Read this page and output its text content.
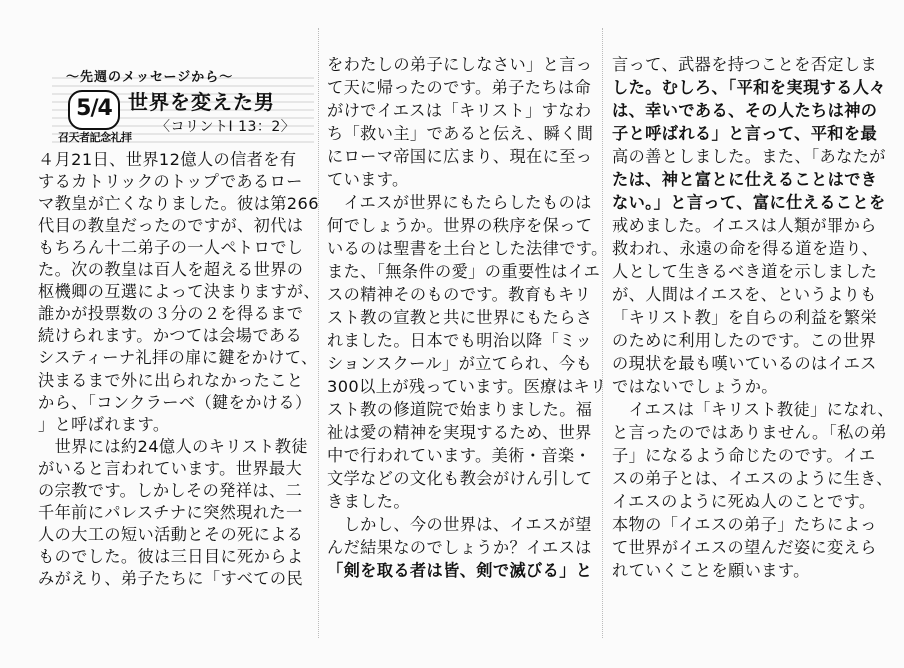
～先週のメッセージから～
5/4
召天者記念礼拝
世界を変えた男
〈コリントⅠ 13：2〉
４月21日、世界12億人の信者を有
するカトリックのトップであるロー
マ教皇が亡くなりました。彼は第266
代目の教皇だったのですが、初代は
もちろん十二弟子の一人ペトロでし
た。次の教皇は百人を超える世界の
枢機卿の互選によって決まりますが、
誰かが投票数の３分の２を得るまで
続けられます。かつては会場である
システィーナ礼拝の扉に鍵をかけて、
決まるまで外に出られなかったこと
から、「コンクラーベ（鍵をかける）
」と呼ばれます。
　世界には約24億人のキリスト教徒
がいると言われています。世界最大
の宗教です。しかしその発祥は、二
千年前にパレスチナに突然現れた一
人の大工の短い活動とその死による
ものでした。彼は三日目に死からよ
みがえり、弟子たちに「すべての民
をわたしの弟子にしなさい」と言っ
て天に帰ったのです。弟子たちは命
がけでイエスは「キリスト」すなわ
ち「救い主」であると伝え、瞬く間
にローマ帝国に広まり、現在に至っ
ています。
　イエスが世界にもたらしたものは
何でしょうか。世界の秩序を保って
いるのは聖書を土台とした法律です。
また、「無条件の愛」の重要性はイエ
スの精神そのものです。教育もキリ
スト教の宣教と共に世界にもたらさ
れました。日本でも明治以降「ミッ
ションスクール」が立てられ、今も
300以上が残っています。医療はキリ
スト教の修道院で始まりました。福
祉は愛の精神を実現するため、世界
中で行われています。美術・音楽・
文学などの文化も教会がけん引して
きました。
　しかし、今の世界は、イエスが望
んだ結果なのでしょうか？イエスは
「剣を取る者は皆、剣で滅びる」と
言って、武器を持つことを否定しま
した。むしろ、「平和を実現する人々
は、幸いである、その人たちは神の
子と呼ばれる」と言って、平和を最
高の善としました。また、「あなたが
たは、神と富とに仕えることはでき
ない。」と言って、富に仕えることを
戒めました。イエスは人類が罪から
救われ、永遠の命を得る道を造り、
人として生きるべき道を示しました
が、人間はイエスを、というよりも
「キリスト教」を自らの利益を繁栄
のために利用したのです。この世界
の現状を最も嘆いているのはイエス
ではないでしょうか。
　イエスは「キリスト教徒」になれ、
と言ったのではありません。「私の弟
子」になるよう命じたのです。イエ
スの弟子とは、イエスのように生き、
イエスのように死ぬ人のことです。
本物の「イエスの弟子」たちによっ
て世界がイエスの望んだ姿に変えら
れていくことを願います。
